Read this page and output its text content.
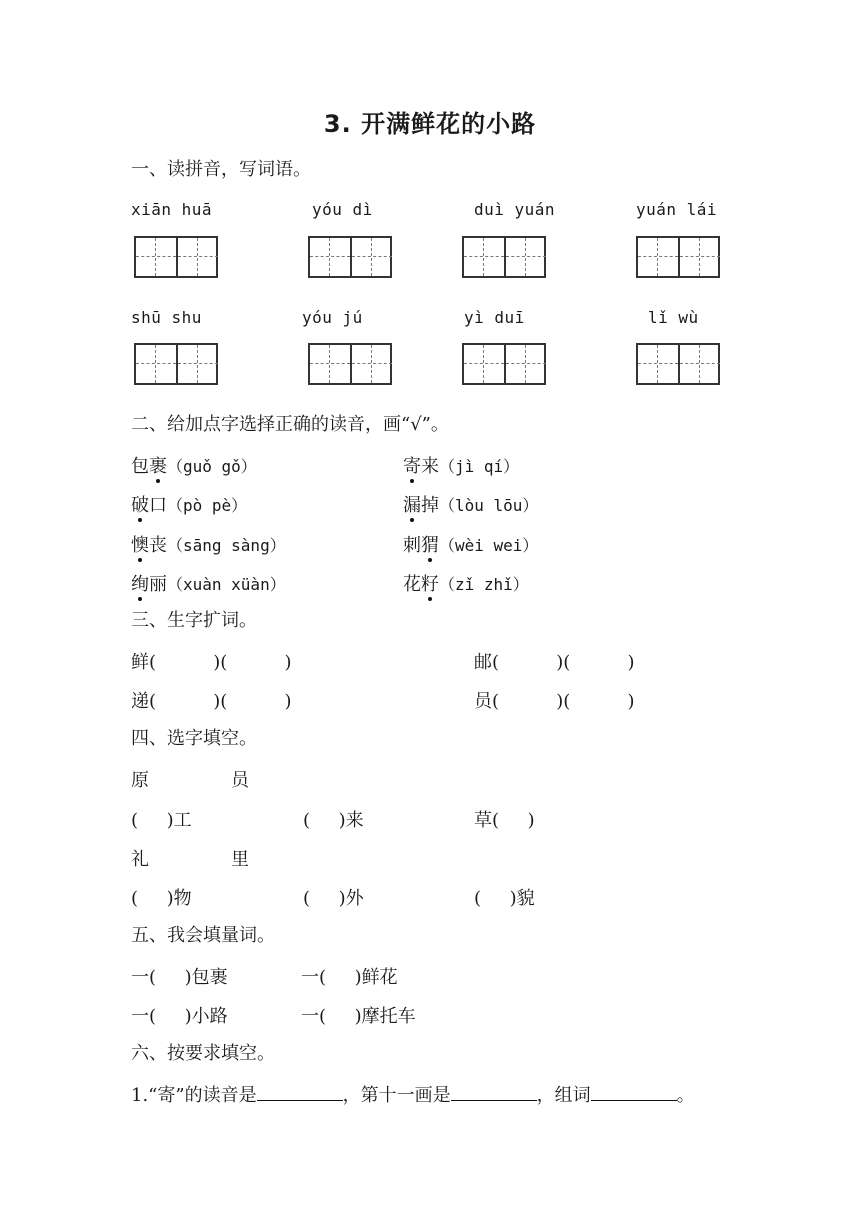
3. 开满鲜花的小路
一、读拼音，写词语。
xiān huā	yóu dì	duì yuán	yuán lái
shū shu	yóu jú	yì duī	lǐ wù
二、给加点字选择正确的读音，画“√”。
包裹（guǒ gǒ）	寄来（jì qí）
破口（pò pè）	漏掉（lòu lōu）
懊丧（sāng sàng）	刺猬（wèi wei）
绚丽（xuàn xüàn）	花籽（zǐ zhǐ）
三、生字扩词。
鲜(          )(          )	邮(          )(          )
递(          )(          )	员(          )(          )
四、选字填空。
原	员
(     )工	(     )来	草(     )
礼	里
(     )物	(     )外	(     )貌
五、我会填量词。
一(     )包裹	一(     )鲜花
一(     )小路	一(     )摩托车
六、按要求填空。
1.“寄”的读音是	，第十一画是	，组词	。
